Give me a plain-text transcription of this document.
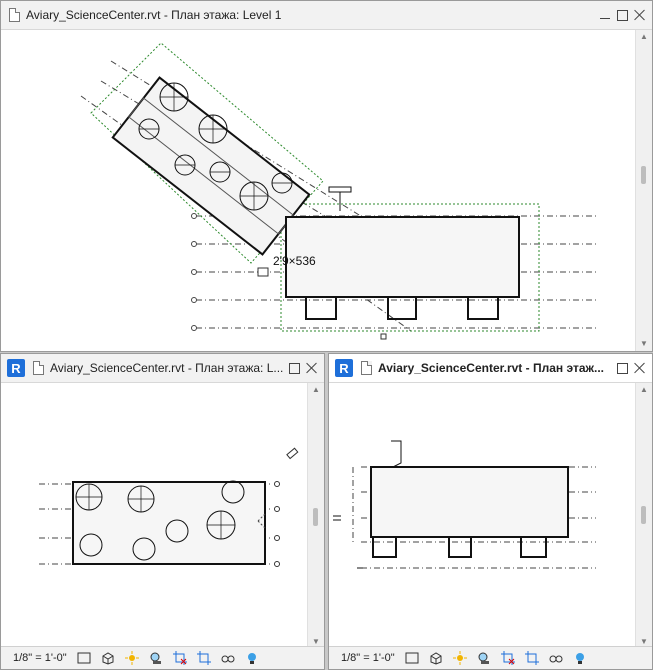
Aviary_ScienceCenter.rvt - План этажа: Level 1
2'9×536
▲
▼
R	Aviary_ScienceCenter.rvt - План этажа: L...
▲
▼
1/8" = 1'-0"
R	Aviary_ScienceCenter.rvt - План этаж...
▲
▼
1/8" = 1'-0"
